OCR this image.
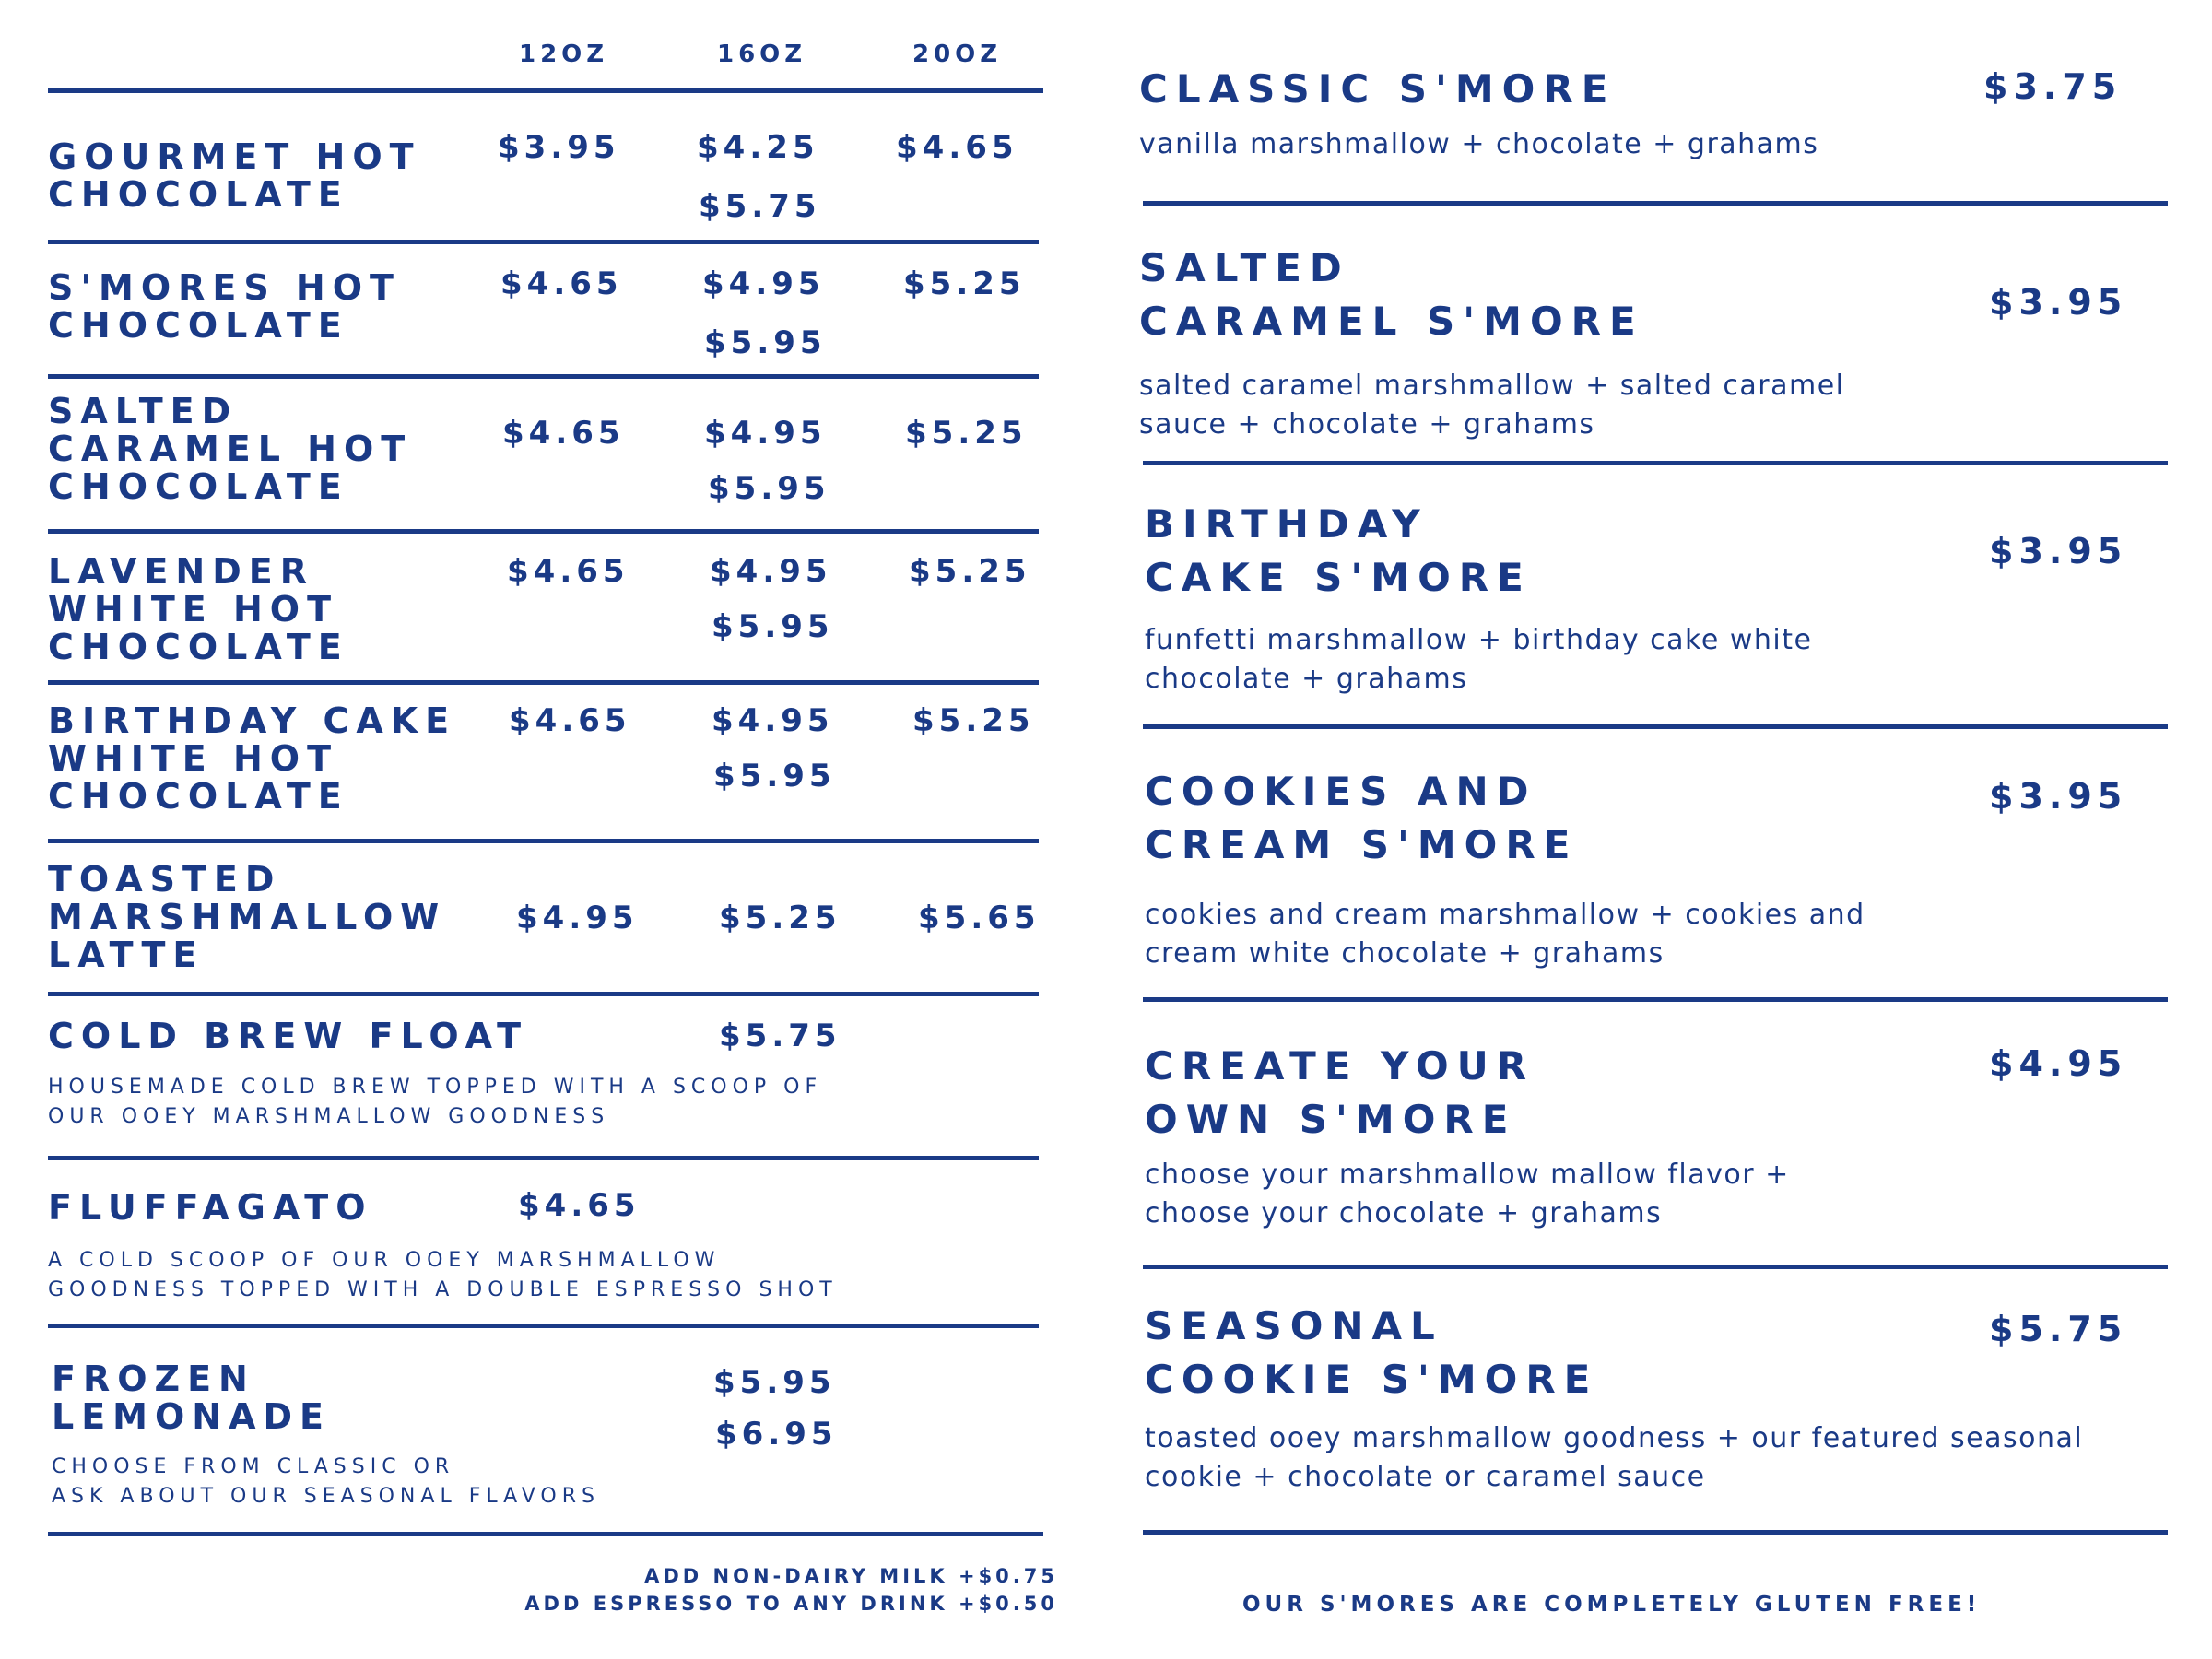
12OZ	16OZ	20OZ
GOURMET HOT
CHOCOLATE
$3.95 $4.25 $4.65
$5.75
S'MORES HOT
CHOCOLATE
$4.65	$4.95	$5.25
$5.95
SALTED
CARAMEL HOT
CHOCOLATE
$4.65	$4.95	$5.25
$5.95
LAVENDER
WHITE HOT
CHOCOLATE
$4.65	$4.95 $5.25
$5.95
BIRTHDAY CAKE
WHITE HOT
CHOCOLATE
$4.65	$4.95	$5.25
$5.95
TOASTED
MARSHMALLOW
LATTE
$4.95	$5.25 $5.65
COLD BREW FLOAT	$5.75
HOUSEMADE COLD BREW TOPPED WITH A SCOOP OF
OUR OOEY MARSHMALLOW GOODNESS
FLUFFAGATO	$4.65
A COLD SCOOP OF OUR OOEY MARSHMALLOW
GOODNESS TOPPED WITH A DOUBLE ESPRESSO SHOT
FROZEN
LEMONADE
$5.95
$6.95
CHOOSE FROM CLASSIC OR
ASK ABOUT OUR SEASONAL FLAVORS
ADD NON-DAIRY MILK +$0.75
ADD ESPRESSO TO ANY DRINK +$0.50
CLASSIC S'MORE	$3.75
vanilla marshmallow + chocolate + grahams
SALTED
CARAMEL S'MORE	$3.95
salted caramel marshmallow + salted caramel
sauce + chocolate + grahams
BIRTHDAY
CAKE S'MORE
$3.95
funfetti marshmallow + birthday cake white
chocolate + grahams
COOKIES AND
CREAM S'MORE
$3.95
cookies and cream marshmallow + cookies and
cream white chocolate + grahams
CREATE YOUR
OWN S'MORE
$4.95
choose your marshmallow mallow flavor +
choose your chocolate + grahams
SEASONAL
COOKIE S'MORE
$5.75
toasted ooey marshmallow goodness + our featured seasonal
cookie + chocolate or caramel sauce
OUR S'MORES ARE COMPLETELY GLUTEN FREE!
